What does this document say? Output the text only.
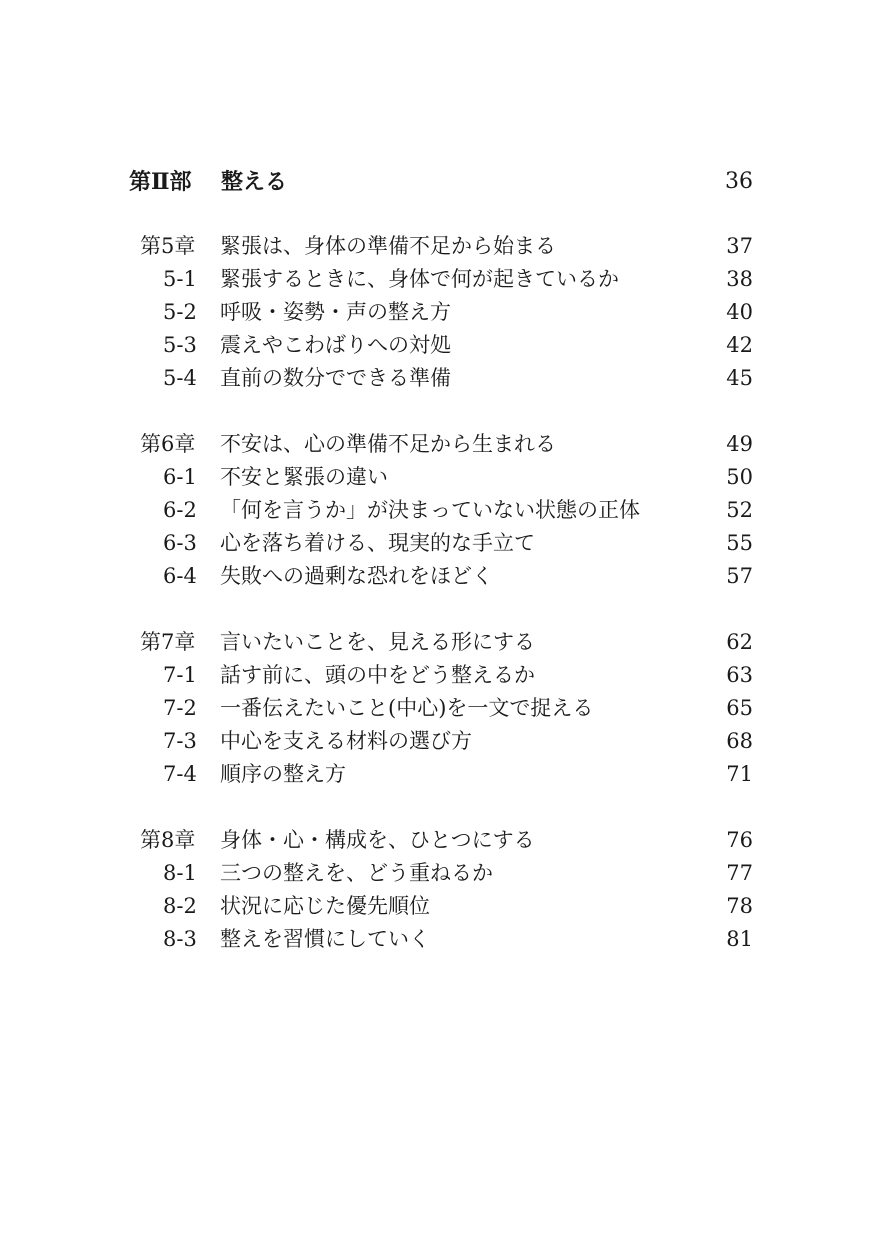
第Ⅱ部 整える	36
第5章 緊張は、身体の準備不足から始まる	37
5-1 緊張するときに、身体で何が起きているか	38
5-2 呼吸・姿勢・声の整え方	40
5-3 震えやこわばりへの対処	42
5-4 直前の数分でできる準備	45
第6章 不安は、心の準備不足から生まれる	49
6-1 不安と緊張の違い	50
6-2 「何を言うか」が決まっていない状態の正体	52
6-3 心を落ち着ける、現実的な手立て	55
6-4 失敗への過剰な恐れをほどく	57
第7章 言いたいことを、見える形にする	62
7-1 話す前に、頭の中をどう整えるか	63
7-2 一番伝えたいこと(中心)を一文で捉える	65
7-3 中心を支える材料の選び方	68
7-4 順序の整え方	71
第8章 身体・心・構成を、ひとつにする	76
8-1 三つの整えを、どう重ねるか	77
8-2 状況に応じた優先順位	78
8-3 整えを習慣にしていく	81
